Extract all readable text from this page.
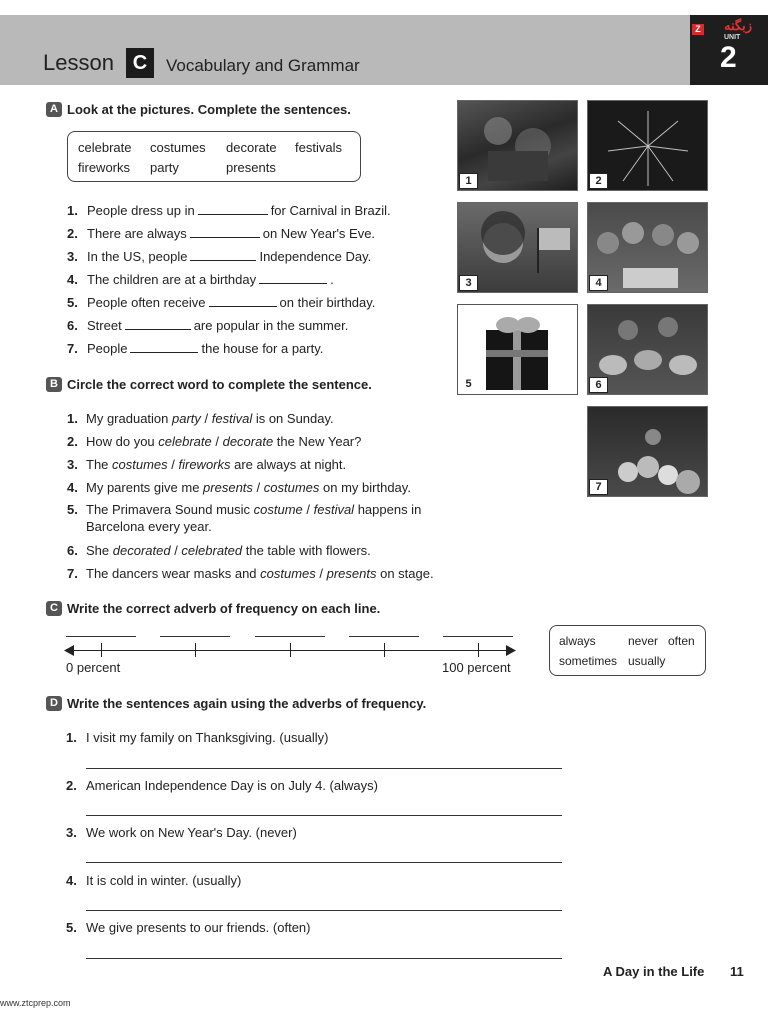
Lesson C	Vocabulary and Grammar
Z زبگنه
UNIT
2
A Look at the pictures. Complete the sentences.
celebrate costumes decorate festivals
fireworks party	presents
1. People dress up in	for Carnival in Brazil.
2. There are always	on New Year's Eve.
3. In the US, people	Independence Day.
4. The children are at a birthday	.
5. People often receive	on their birthday.
6. Street	are popular in the summer.
7. People	the house for a party.
1	2
3	4
5	6
7
B Circle the correct word to complete the sentence.
1. My graduation party / festival is on Sunday.
2. How do you celebrate / decorate the New Year?
3. The costumes / fireworks are always at night.
4. My parents give me presents / costumes on my birthday.
5. The Primavera Sound music costume / festival happens in
Barcelona every year.
6. She decorated / celebrated the table with flowers.
7. The dancers wear masks and costumes / presents on stage.
C Write the correct adverb of frequency on each line.
0 percent	100 percent
always	never often
sometimes usually
D Write the sentences again using the adverbs of frequency.
1. I visit my family on Thanksgiving. (usually)
2. American Independence Day is on July 4. (always)
3. We work on New Year's Day. (never)
4. It is cold in winter. (usually)
5. We give presents to our friends. (often)
A Day in the Life 11
www.ztcprep.com
